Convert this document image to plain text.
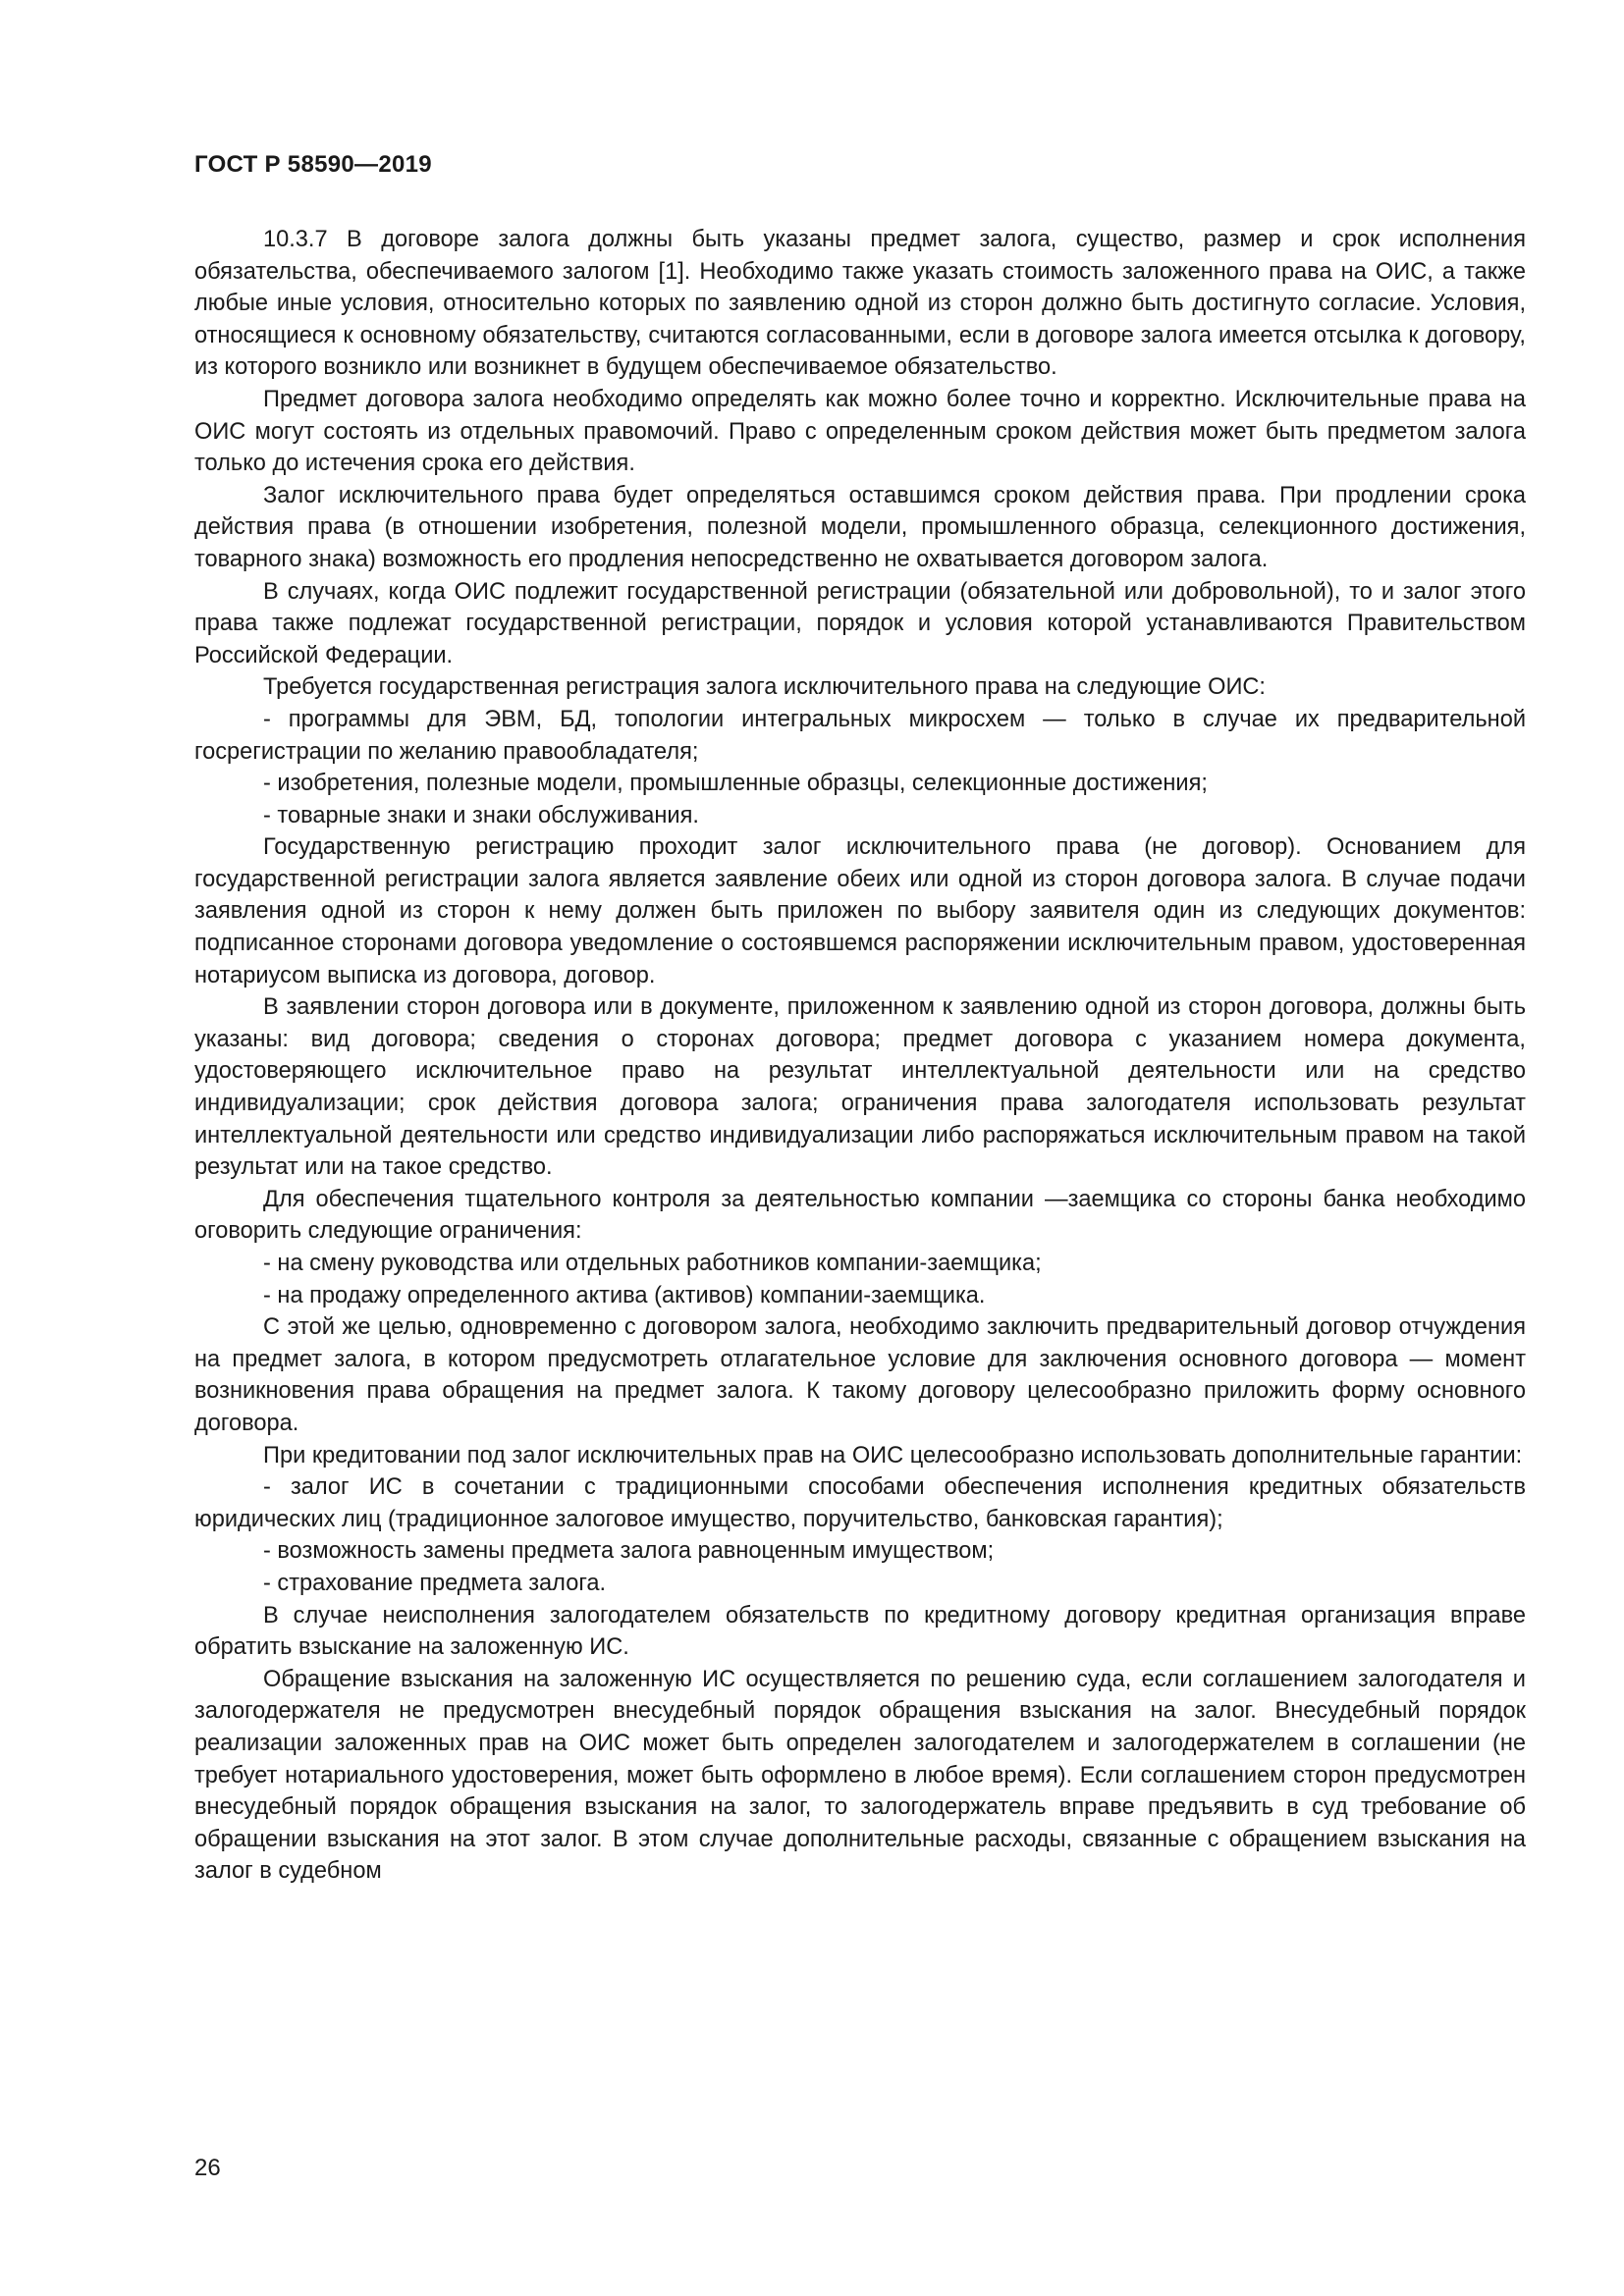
ГОСТ Р 58590—2019

10.3.7 В договоре залога должны быть указаны предмет залога, существо, размер и срок исполнения обязательства, обеспечиваемого залогом [1]. Необходимо также указать стоимость заложенного права на ОИС, а также любые иные условия, относительно которых по заявлению одной из сторон должно быть достигнуто согласие. Условия, относящиеся к основному обязательству, считаются согласованными, если в договоре залога имеется отсылка к договору, из которого возникло или возникнет в будущем обеспечиваемое обязательство.

Предмет договора залога необходимо определять как можно более точно и корректно. Исключительные права на ОИС могут состоять из отдельных правомочий. Право с определенным сроком действия может быть предметом залога только до истечения срока его действия.

Залог исключительного права будет определяться оставшимся сроком действия права. При продлении срока действия права (в отношении изобретения, полезной модели, промышленного образца, селекционного достижения, товарного знака) возможность его продления непосредственно не охватывается договором залога.

В случаях, когда ОИС подлежит государственной регистрации (обязательной или добровольной), то и залог этого права также подлежат государственной регистрации, порядок и условия которой устанавливаются Правительством Российской Федерации.

Требуется государственная регистрация залога исключительного права на следующие ОИС:

- программы для ЭВМ, БД, топологии интегральных микросхем — только в случае их предварительной госрегистрации по желанию правообладателя;

- изобретения, полезные модели, промышленные образцы, селекционные достижения;

- товарные знаки и знаки обслуживания.

Государственную регистрацию проходит залог исключительного права (не договор). Основанием для государственной регистрации залога является заявление обеих или одной из сторон договора залога. В случае подачи заявления одной из сторон к нему должен быть приложен по выбору заявителя один из следующих документов: подписанное сторонами договора уведомление о состоявшемся распоряжении исключительным правом, удостоверенная нотариусом выписка из договора, договор.

В заявлении сторон договора или в документе, приложенном к заявлению одной из сторон договора, должны быть указаны: вид договора; сведения о сторонах договора; предмет договора с указанием номера документа, удостоверяющего исключительное право на результат интеллектуальной деятельности или на средство индивидуализации; срок действия договора залога; ограничения права залогодателя использовать результат интеллектуальной деятельности или средство индивидуализации либо распоряжаться исключительным правом на такой результат или на такое средство.

Для обеспечения тщательного контроля за деятельностью компании —заемщика со стороны банка необходимо оговорить следующие ограничения:

- на смену руководства или отдельных работников компании-заемщика;

- на продажу определенного актива (активов) компании-заемщика.

С этой же целью, одновременно с договором залога, необходимо заключить предварительный договор отчуждения на предмет залога, в котором предусмотреть отлагательное условие для заключения основного договора — момент возникновения права обращения на предмет залога. К такому договору целесообразно приложить форму основного договора.

При кредитовании под залог исключительных прав на ОИС целесообразно использовать дополнительные гарантии:

- залог ИС в сочетании с традиционными способами обеспечения исполнения кредитных обязательств юридических лиц (традиционное залоговое имущество, поручительство, банковская гарантия);

- возможность замены предмета залога равноценным имуществом;

- страхование предмета залога.

В случае неисполнения залогодателем обязательств по кредитному договору кредитная организация вправе обратить взыскание на заложенную ИС.

Обращение взыскания на заложенную ИС осуществляется по решению суда, если соглашением залогодателя и залогодержателя не предусмотрен внесудебный порядок обращения взыскания на залог. Внесудебный порядок реализации заложенных прав на ОИС может быть определен залогодателем и залогодержателем в соглашении (не требует нотариального удостоверения, может быть оформлено в любое время). Если соглашением сторон предусмотрен внесудебный порядок обращения взыскания на залог, то залогодержатель вправе предъявить в суд требование об обращении взыскания на этот залог. В этом случае дополнительные расходы, связанные с обращением взыскания на залог в судебном

26
